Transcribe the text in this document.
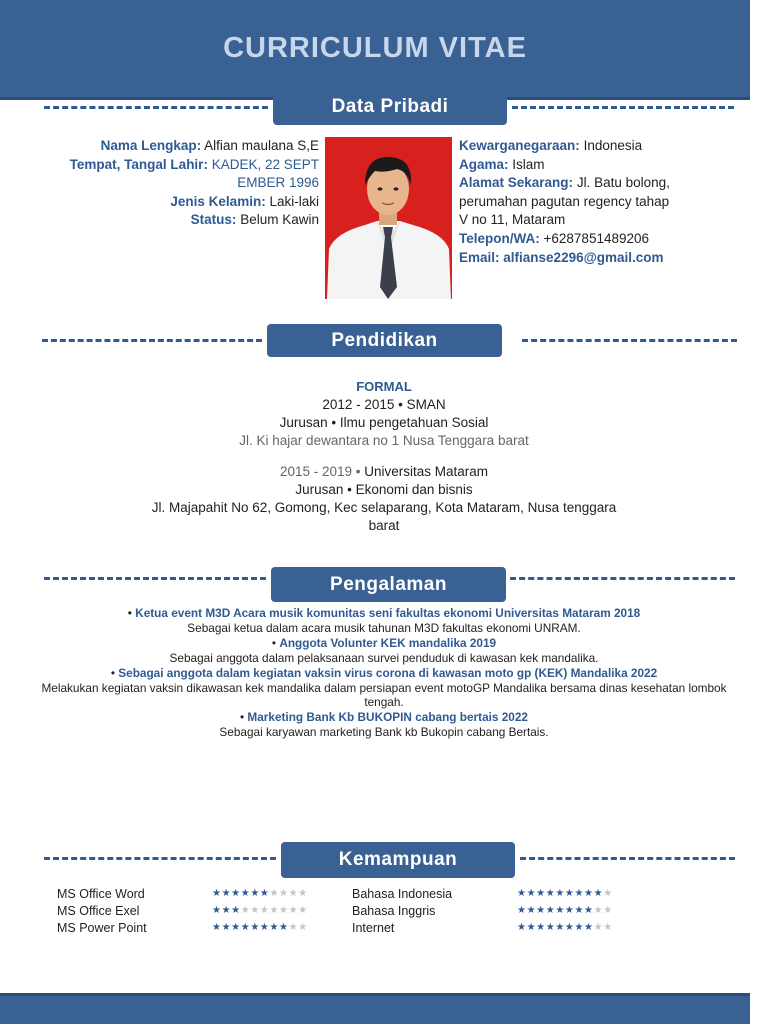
CURRICULUM VITAE
Data Pribadi
Nama Lengkap: Alfian maulana S,E
Tempat, Tangal Lahir: KADEK, 22 SEPT
EMBER 1996
Jenis Kelamin: Laki-laki
Status: Belum Kawin
Kewarganegaraan: Indonesia
Agama: Islam
Alamat Sekarang: Jl. Batu bolong,
perumahan pagutan regency tahap
V no 11, Mataram
Telepon/WA: +6287851489206
Email: alfianse2296@gmail.com
Pendidikan
FORMAL
2012 - 2015 • SMAN
Jurusan • Ilmu pengetahuan Sosial
Jl. Ki hajar dewantara no 1 Nusa Tenggara barat
2015 - 2019 • Universitas Mataram
Jurusan • Ekonomi dan bisnis
Jl. Majapahit No 62, Gomong, Kec selaparang, Kota Mataram, Nusa tenggara
barat
Pengalaman
• Ketua event M3D Acara musik komunitas seni fakultas ekonomi Universitas Mataram 2018
Sebagai ketua dalam acara musik tahunan M3D fakultas ekonomi UNRAM.
• Anggota Volunter KEK mandalika 2019
Sebagai anggota dalam pelaksanaan survei penduduk di kawasan kek mandalika.
• Sebagai anggota dalam kegiatan vaksin virus corona di kawasan moto gp (KEK) Mandalika 2022
Melakukan kegiatan vaksin dikawasan kek mandalika dalam persiapan event motoGP Mandalika bersama dinas kesehatan lombok tengah.
• Marketing Bank Kb BUKOPIN cabang bertais 2022
Sebagai karyawan marketing Bank kb Bukopin cabang Bertais.
Kemampuan
MS Office Word
MS Office Exel
MS Power Point
★★★★★★★★★★
★★★★★★★★★★
★★★★★★★★★★
Bahasa Indonesia
Bahasa Inggris
Internet
★★★★★★★★★★
★★★★★★★★★★
★★★★★★★★★★
